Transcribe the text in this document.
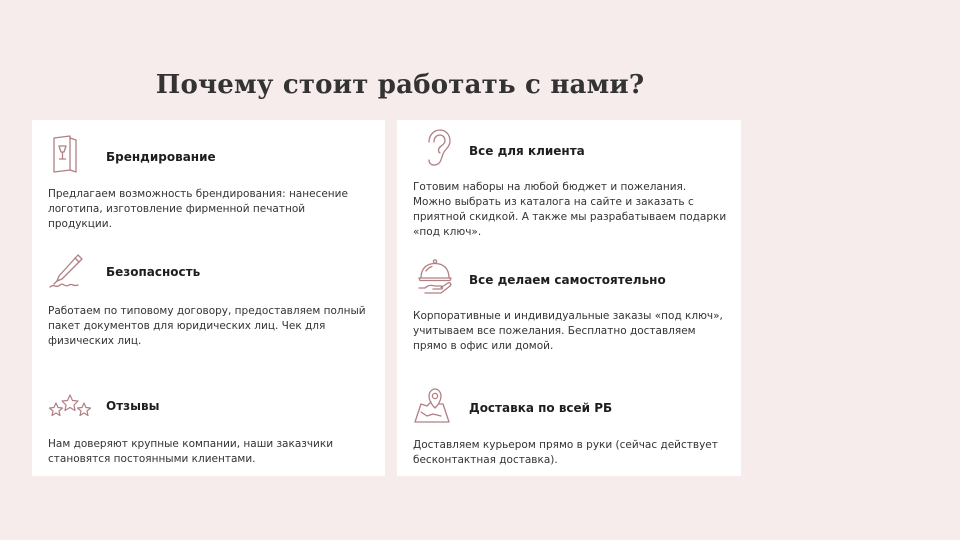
Почему стоит работать с нами?
Брендирование
Предлагаем возможность брендирования: нанесение логотипа, изготовление фирменной печатной продукции.
Безопасность
Работаем по типовому договору, предоставляем полный пакет документов для юридических лиц. Чек для физических лиц.
Отзывы
Нам доверяют крупные компании, наши заказчики становятся постоянными клиентами.
Все для клиента
Готовим наборы на любой бюджет и пожелания. Можно выбрать из каталога на сайте и заказать с приятной скидкой. А также мы разрабатываем подарки «под ключ».
Все делаем самостоятельно
Корпоративные и индивидуальные заказы «под ключ», учитываем все пожелания. Бесплатно доставляем прямо в офис или домой.
Доставка по всей РБ
Доставляем курьером прямо в руки (сейчас действует бесконтактная доставка).
